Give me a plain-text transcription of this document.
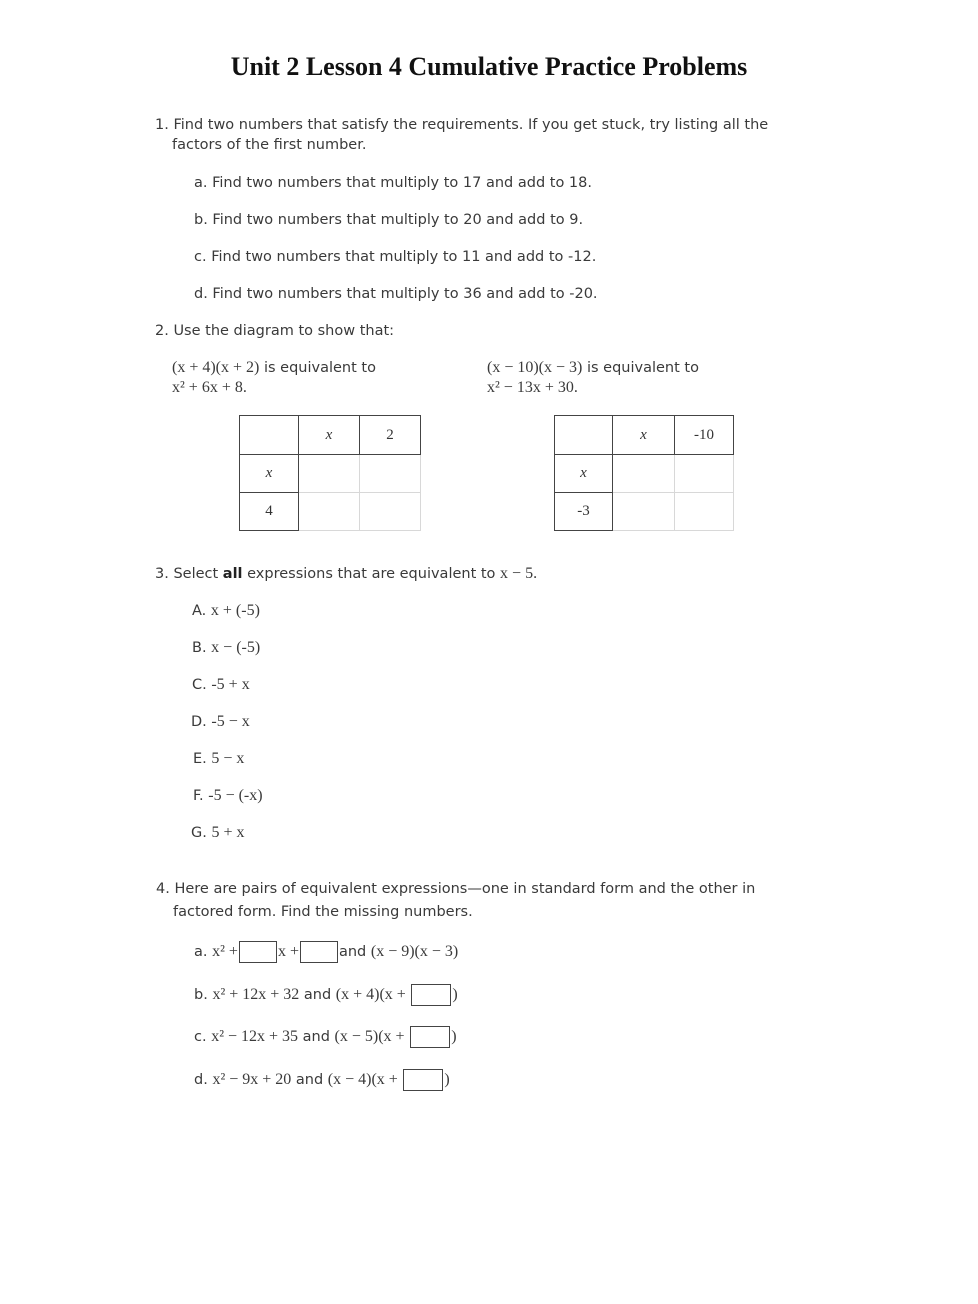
Unit 2 Lesson 4 Cumulative Practice Problems
1. Find two numbers that satisfy the requirements. If you get stuck, try listing all the
factors of the first number.
a. Find two numbers that multiply to 17 and add to 18.
b. Find two numbers that multiply to 20 and add to 9.
c. Find two numbers that multiply to 11 and add to -12.
d. Find two numbers that multiply to 36 and add to -20.
2. Use the diagram to show that:
(x + 4)(x + 2) is equivalent to
x² + 6x + 8.
(x − 10)(x − 3) is equivalent to
x² − 13x + 30.
	x	2
x		
4		
	x	-10
x		
-3		
3. Select all expressions that are equivalent to x − 5.
A. x + (-5)
B. x − (-5)
C. -5 + x
D. -5 − x
E. 5 − x
F. -5 − (-x)
G. 5 + x
4. Here are pairs of equivalent expressions—one in standard form and the other in
factored form. Find the missing numbers.
a. x² +	x +	and (x − 9)(x − 3)
b. x² + 12x + 32 and (x + 4)(x +	)
c. x² − 12x + 35 and (x − 5)(x +	)
d. x² − 9x + 20 and (x − 4)(x +	)
